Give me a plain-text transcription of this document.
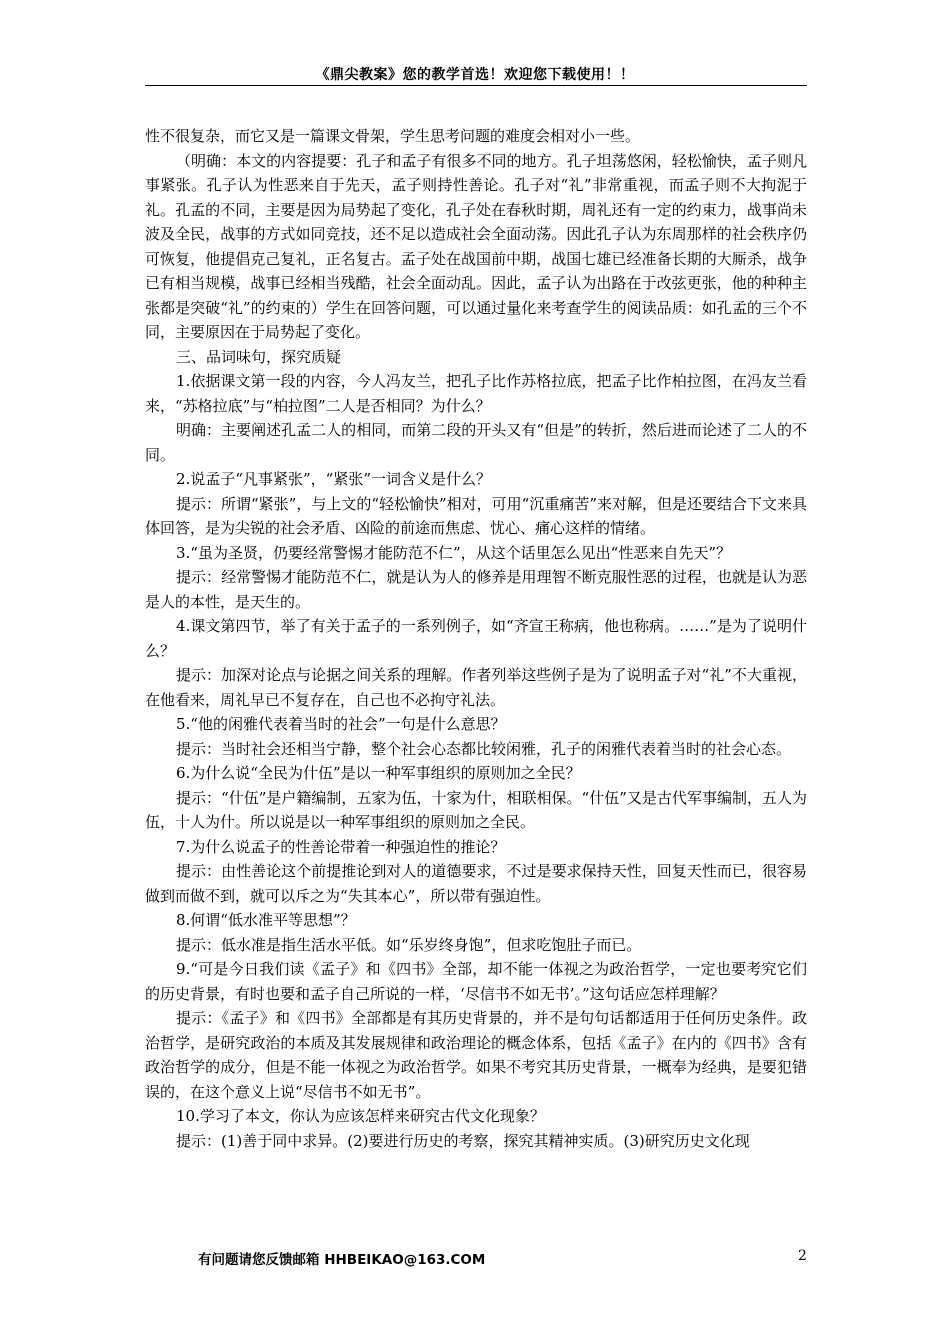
《鼎尖教案》您的教学首选！欢迎您下载使用！！

性不很复杂，而它又是一篇课文骨架，学生思考问题的难度会相对小一些。

（明确：本文的内容提要：孔子和孟子有很多不同的地方。孔子坦荡悠闲，轻松愉快，孟子则凡事紧张。孔子认为性恶来自于先天，孟子则持性善论。孔子对“礼”非常重视，而孟子则不大拘泥于礼。孔孟的不同，主要是因为局势起了变化，孔子处在春秋时期，周礼还有一定的约束力，战事尚未波及全民，战事的方式如同竞技，还不足以造成社会全面动荡。因此孔子认为东周那样的社会秩序仍可恢复，他提倡克己复礼，正名复古。孟子处在战国前中期，战国七雄已经准备长期的大厮杀，战争已有相当规模，战事已经相当残酷，社会全面动乱。因此，孟子认为出路在于改弦更张，他的种种主张都是突破“礼”的约束的）学生在回答问题，可以通过量化来考查学生的阅读品质：如孔孟的三个不同，主要原因在于局势起了变化。

三、品词味句，探究质疑

1.依据课文第一段的内容，今人冯友兰，把孔子比作苏格拉底，把孟子比作柏拉图，在冯友兰看来，“苏格拉底”与“柏拉图”二人是否相同？为什么？

明确：主要阐述孔孟二人的相同，而第二段的开头又有“但是”的转折，然后进而论述了二人的不同。

2.说孟子“凡事紧张”，“紧张”一词含义是什么？

提示：所谓“紧张”，与上文的“轻松愉快”相对，可用“沉重痛苦”来对解，但是还要结合下文来具体回答，是为尖锐的社会矛盾、凶险的前途而焦虑、忧心、痛心这样的情绪。

3.“虽为圣贤，仍要经常警惕才能防范不仁”，从这个话里怎么见出“性恶来自先天”？

提示：经常警惕才能防范不仁，就是认为人的修养是用理智不断克服性恶的过程，也就是认为恶是人的本性，是天生的。

4.课文第四节，举了有关于孟子的一系列例子，如“齐宣王称病，他也称病。……”是为了说明什么？

提示：加深对论点与论据之间关系的理解。作者列举这些例子是为了说明孟子对“礼”不大重视，在他看来，周礼早已不复存在，自己也不必拘守礼法。

5.“他的闲雅代表着当时的社会”一句是什么意思？

提示：当时社会还相当宁静，整个社会心态都比较闲雅，孔子的闲雅代表着当时的社会心态。

6.为什么说“全民为什伍”是以一种军事组织的原则加之全民？

提示：“什伍”是户籍编制，五家为伍，十家为什，相联相保。“什伍”又是古代军事编制，五人为伍，十人为什。所以说是以一种军事组织的原则加之全民。

7.为什么说孟子的性善论带着一种强迫性的推论？

提示：由性善论这个前提推论到对人的道德要求，不过是要求保持天性，回复天性而已，很容易做到而做不到，就可以斥之为“失其本心”，所以带有强迫性。

8.何谓“低水准平等思想”？

提示：低水准是指生活水平低。如“乐岁终身饱”，但求吃饱肚子而已。

9.“可是今日我们读《孟子》和《四书》全部，却不能一体视之为政治哲学，一定也要考究它们的历史背景，有时也要和孟子自己所说的一样，‘尽信书不如无书’。”这句话应怎样理解？

提示：《孟子》和《四书》全部都是有其历史背景的，并不是句句话都适用于任何历史条件。政治哲学，是研究政治的本质及其发展规律和政治理论的概念体系，包括《孟子》在内的《四书》含有政治哲学的成分，但是不能一体视之为政治哲学。如果不考究其历史背景，一概奉为经典，是要犯错误的，在这个意义上说“尽信书不如无书”。

10.学习了本文，你认为应该怎样来研究古代文化现象？

提示：(1)善于同中求异。(2)要进行历史的考察，探究其精神实质。(3)研究历史文化现

有问题请您反馈邮箱 HHBEIKAO@163.COM	2
